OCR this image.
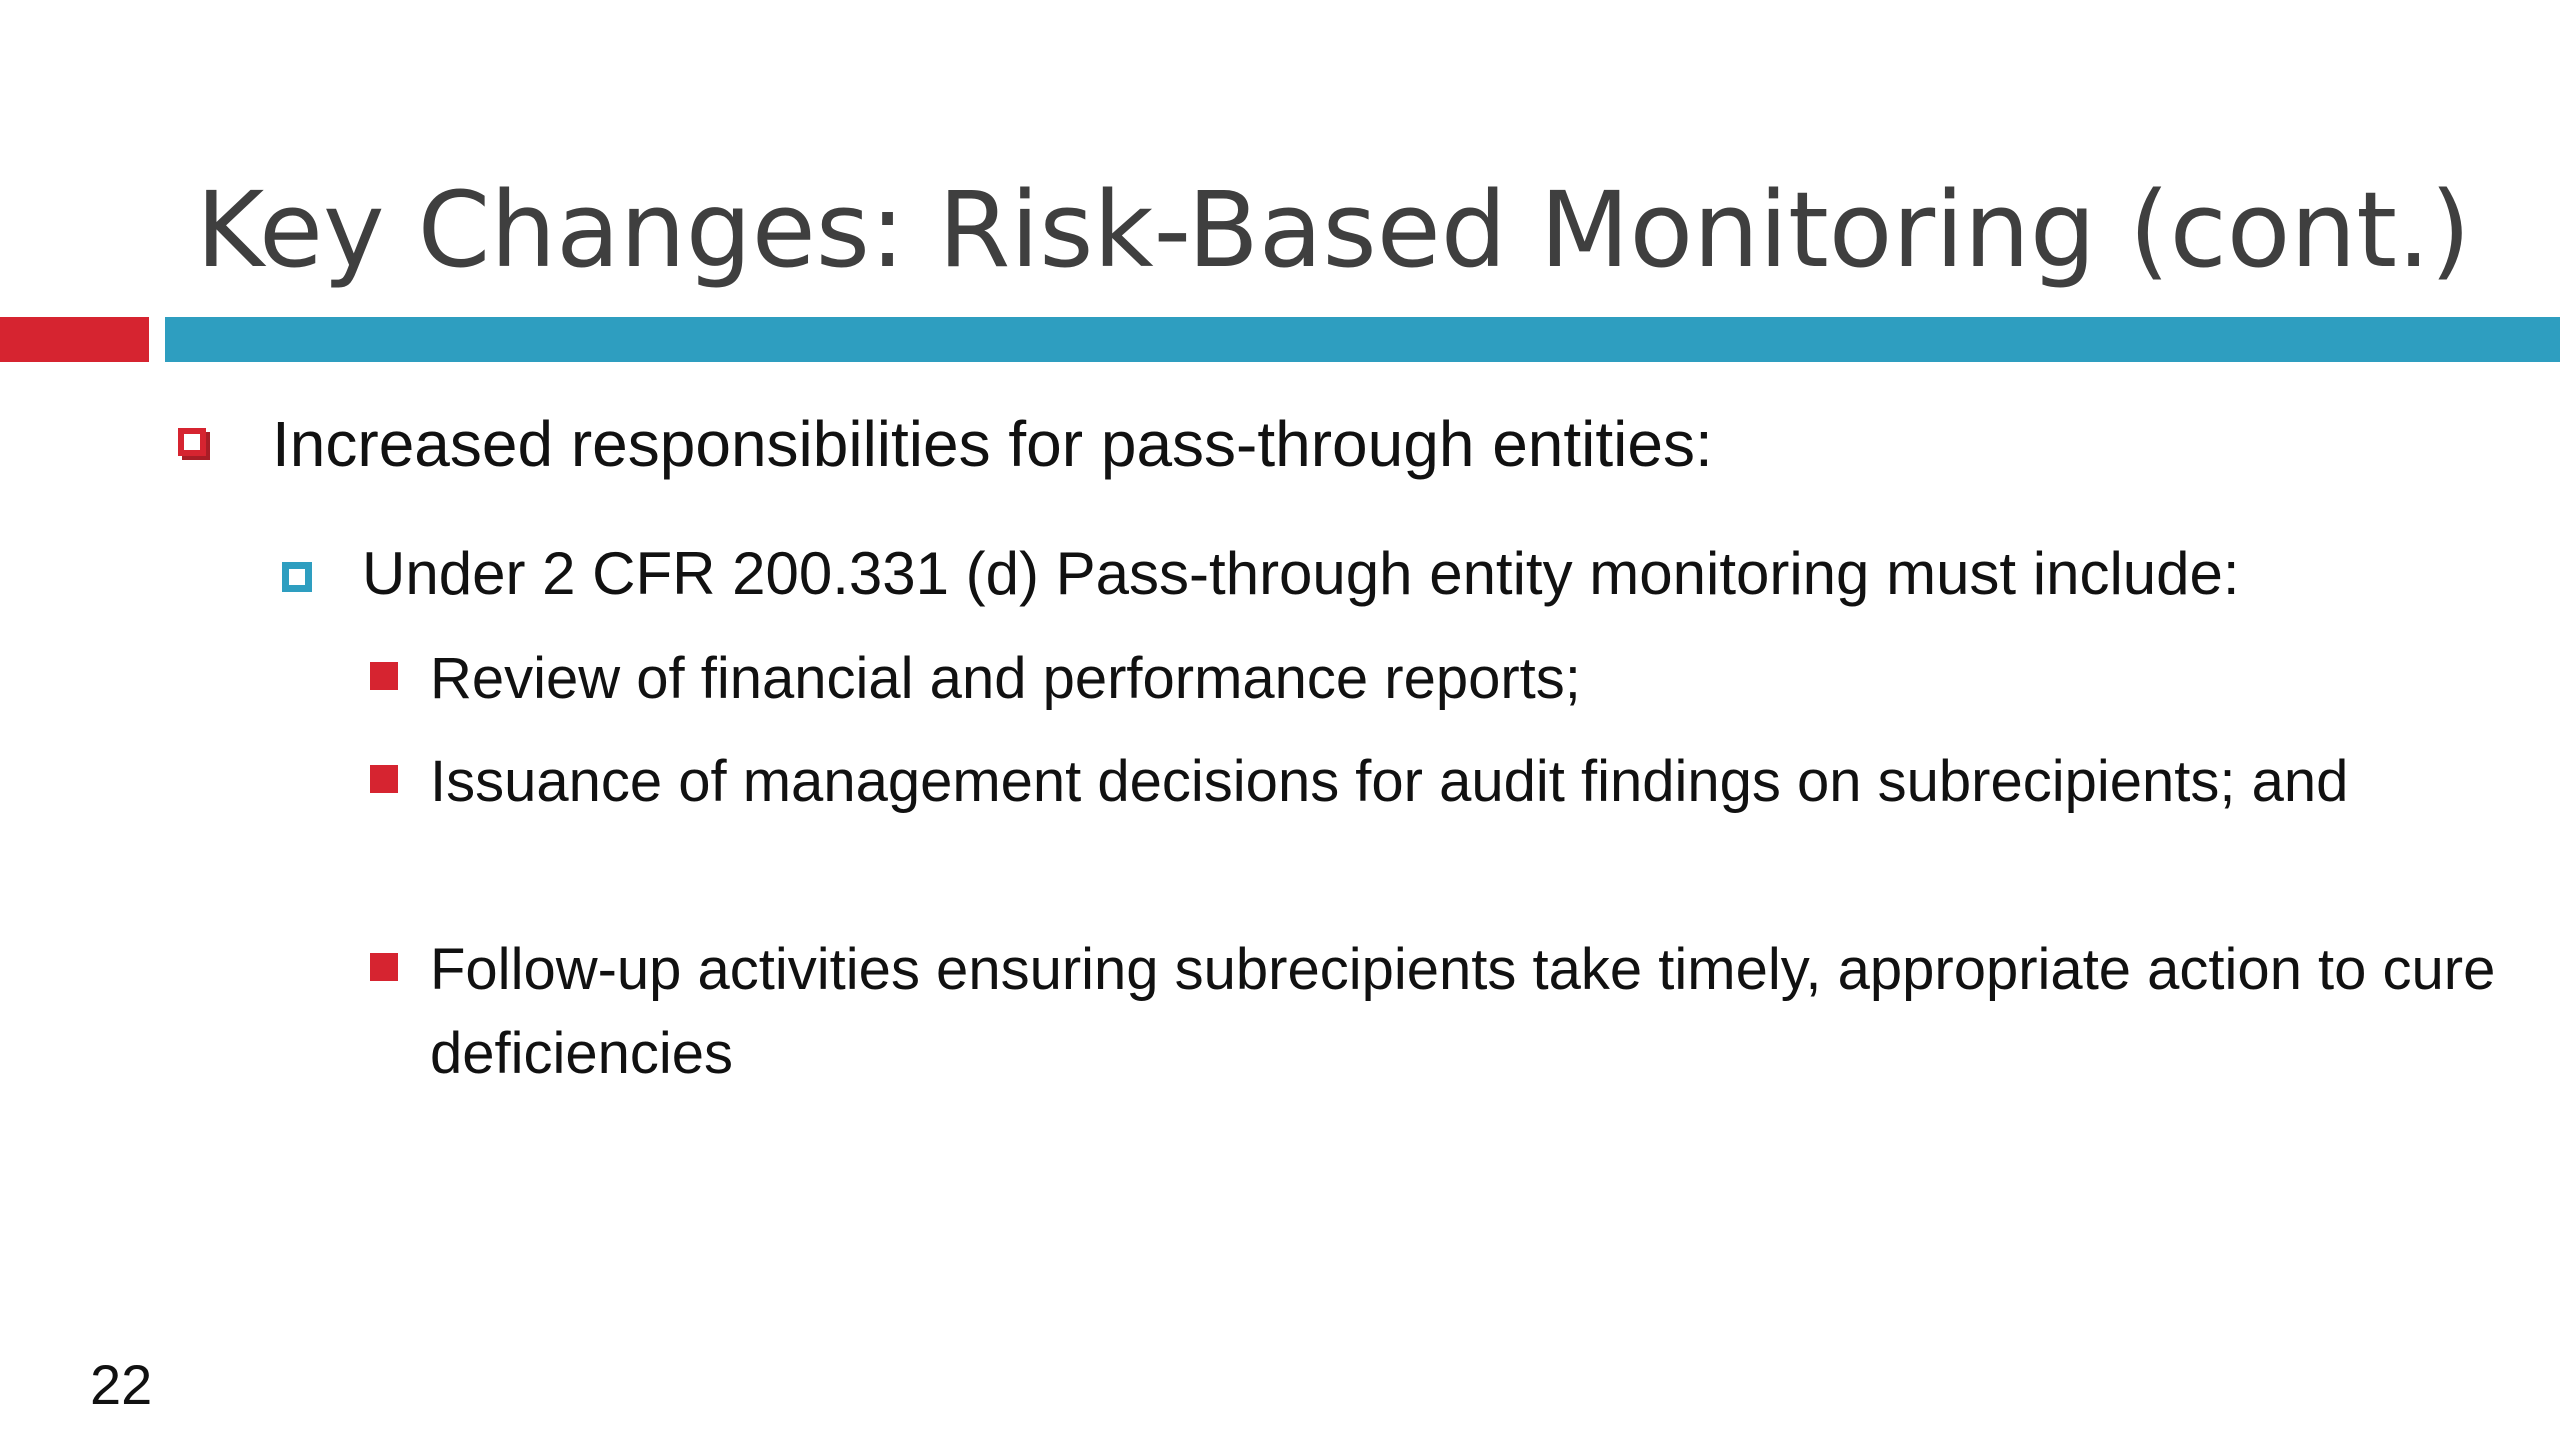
Key Changes: Risk-Based Monitoring (cont.)
Increased responsibilities for pass-through entities:
Under 2 CFR 200.331 (d) Pass-through entity monitoring must include:
Review of financial and performance reports;
Issuance of management decisions for audit findings on subrecipients; and
Follow-up activities ensuring subrecipients take timely, appropriate action to cure deficiencies
22
